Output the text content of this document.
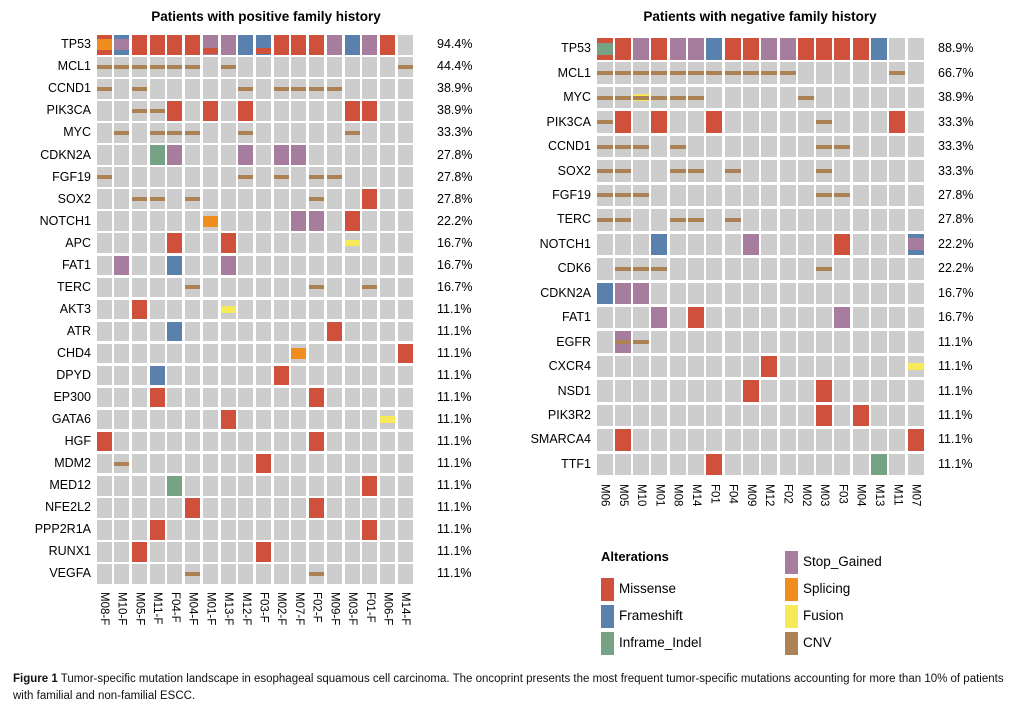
Patients with positive family history	Patients with negative family history
TP53	94.4%
MCL1	44.4%
CCND1	38.9%
PIK3CA	38.9%
MYC	33.3%
CDKN2A	27.8%
FGF19	27.8%
SOX2	27.8%
NOTCH1	22.2%
APC	16.7%
FAT1	16.7%
TERC	16.7%
AKT3	11.1%
ATR	11.1%
CHD4	11.1%
DPYD	11.1%
EP300	11.1%
GATA6	11.1%
HGF	11.1%
MDM2	11.1%
MED12	11.1%
NFE2L2	11.1%
PPP2R1A	11.1%
RUNX1	11.1%
VEGFA	11.1%
M08-F M10-F M05-F M11-F F04-F M04-F M01-F M13-F M12-F F03-F M02-F M07-F F02-F M09-F M03-F F01-F M06-F M14-F
TP53	88.9%
MCL1	66.7%
MYC	38.9%
PIK3CA	33.3%
CCND1	33.3%
SOX2	33.3%
FGF19	27.8%
TERC	27.8%
NOTCH1	22.2%
CDK6	22.2%
CDKN2A	16.7%
FAT1	16.7%
EGFR	11.1%
CXCR4	11.1%
NSD1	11.1%
PIK3R2	11.1%
SMARCA4	11.1%
TTF1	11.1%
M06 M05 M10 M01 M08 M14 F01 F04 M09 M12 F02 M02 M03 F03 M04 M13 M11 M07
Alterations
Missense
Frameshift
Inframe_Indel
Stop_Gained
Splicing
Fusion
CNV
Figure 1 Tumor-specific mutation landscape in esophageal squamous cell carcinoma. The oncoprint presents the most frequent tumor-specific mutations accounting for more than 10% of patients with familial and non-familial ESCC.
